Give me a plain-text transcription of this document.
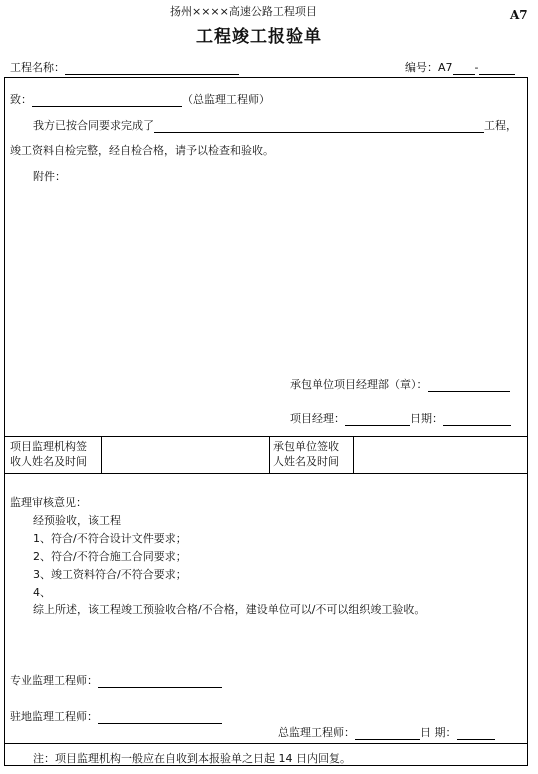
扬州××××高速公路工程项目	A7
工程竣工报验单
工程名称：	编号：A7 -
致：	（总监理工程师）
我方已按合同要求完成了	工程，
竣工资料自检完整，经自检合格，请予以检查和验收。
附件：
承包单位项目经理部（章）：
项目经理：	日期：
项目监理机构签
收人姓名及时间
承包单位签收
人姓名及时间
监理审核意见：
经预验收，该工程
1、符合/不符合设计文件要求；
2、符合/不符合施工合同要求；
3、竣工资料符合/不符合要求；
4、
综上所述，该工程竣工预验收合格/不合格，建设单位可以/不可以组织竣工验收。
专业监理工程师：
驻地监理工程师：
总监理工程师：	日 期：
注：项目监理机构一般应在自收到本报验单之日起 14 日内回复。
